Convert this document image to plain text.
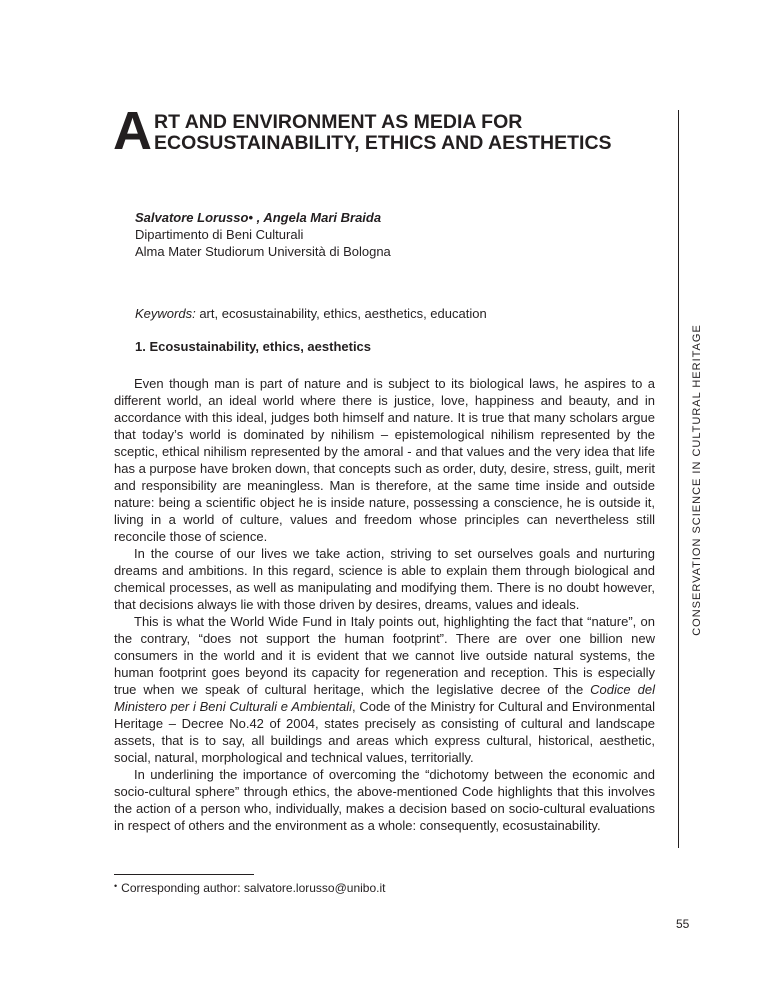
A RT AND ENVIRONMENT AS MEDIA FOR
ECOSUSTAINABILITY, ETHICS AND AESTHETICS
Salvatore Lorusso• , Angela Mari Braida
Dipartimento di Beni Culturali
Alma Mater Studiorum Università di Bologna
Keywords: art, ecosustainability, ethics, aesthetics, education
1. Ecosustainability, ethics, aesthetics

Even though man is part of nature and is subject to its biological laws, he aspires to a different world, an ideal world where there is justice, love, happiness and beauty, and in accordance with this ideal, judges both himself and nature. It is true that many scholars argue that today’s world is dominated by nihilism – epistemological nihilism represented by the sceptic, ethical nihilism represented by the amoral - and that values and the very idea that life has a purpose have broken down, that concepts such as order, duty, desire, stress, guilt, merit and responsibility are meaningless. Man is therefore, at the same time inside and outside nature: being a scientific object he is inside nature, possessing a conscience, he is outside it, living in a world of culture, values and freedom whose principles can nevertheless still reconcile those of science.

In the course of our lives we take action, striving to set ourselves goals and nurturing dreams and ambitions. In this regard, science is able to explain them through biological and chemical processes, as well as manipulating and modifying them. There is no doubt however, that decisions always lie with those driven by desires, dreams, values and ideals.

This is what the World Wide Fund in Italy points out, highlighting the fact that “nature”, on the contrary, “does not support the human footprint”. There are over one billion new consumers in the world and it is evident that we cannot live outside natural systems, the human footprint goes beyond its capacity for regeneration and reception. This is especially true when we speak of cultural heritage, which the legislative decree of the Codice del Ministero per i Beni Culturali e Ambientali, Code of the Ministry for Cultural and Environmental Heritage – Decree No.42 of 2004, states precisely as consisting of cultural and landscape assets, that is to say, all buildings and areas which express cultural, historical, aesthetic, social, natural, morphological and technical values, territorially.

In underlining the importance of overcoming the “dichotomy between the economic and socio-cultural sphere” through ethics, the above-mentioned Code highlights that this involves the action of a person who, individually, makes a decision based on socio-cultural evaluations in respect of others and the environment as a whole: consequently, ecosustainability.

• Corresponding author: salvatore.lorusso@unibo.it
CONSERVATION SCIENCE IN CULTURAL HERITAGE
55
